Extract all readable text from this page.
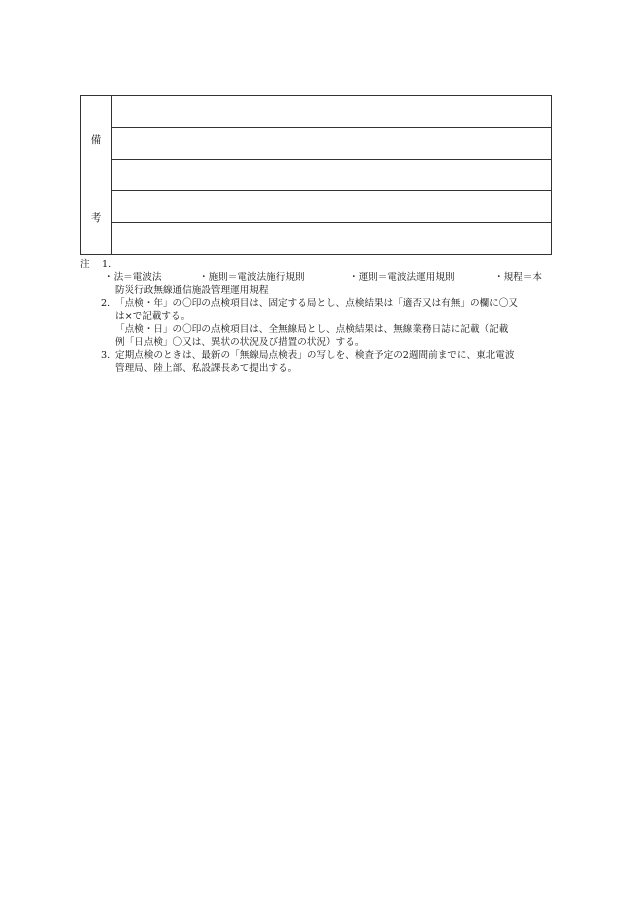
備
考
注	1.
・法＝電波法	・施則＝電波法施行規則	・運則＝電波法運用規則	・規程＝本
防災行政無線通信施設管理運用規程
2. 「点検・年」の〇印の点検項目は、固定する局とし、点検結果は「適否又は有無」の欄に〇又
は×で記載する。
「点検・日」の〇印の点検項目は、全無線局とし、点検結果は、無線業務日誌に記載（記載
例「日点検」〇又は、異状の状況及び措置の状況）する。
3. 定期点検のときは、最新の「無線局点検表」の写しを、検査予定の2週間前までに、東北電波
管理局、陸上部、私設課長あて提出する。
